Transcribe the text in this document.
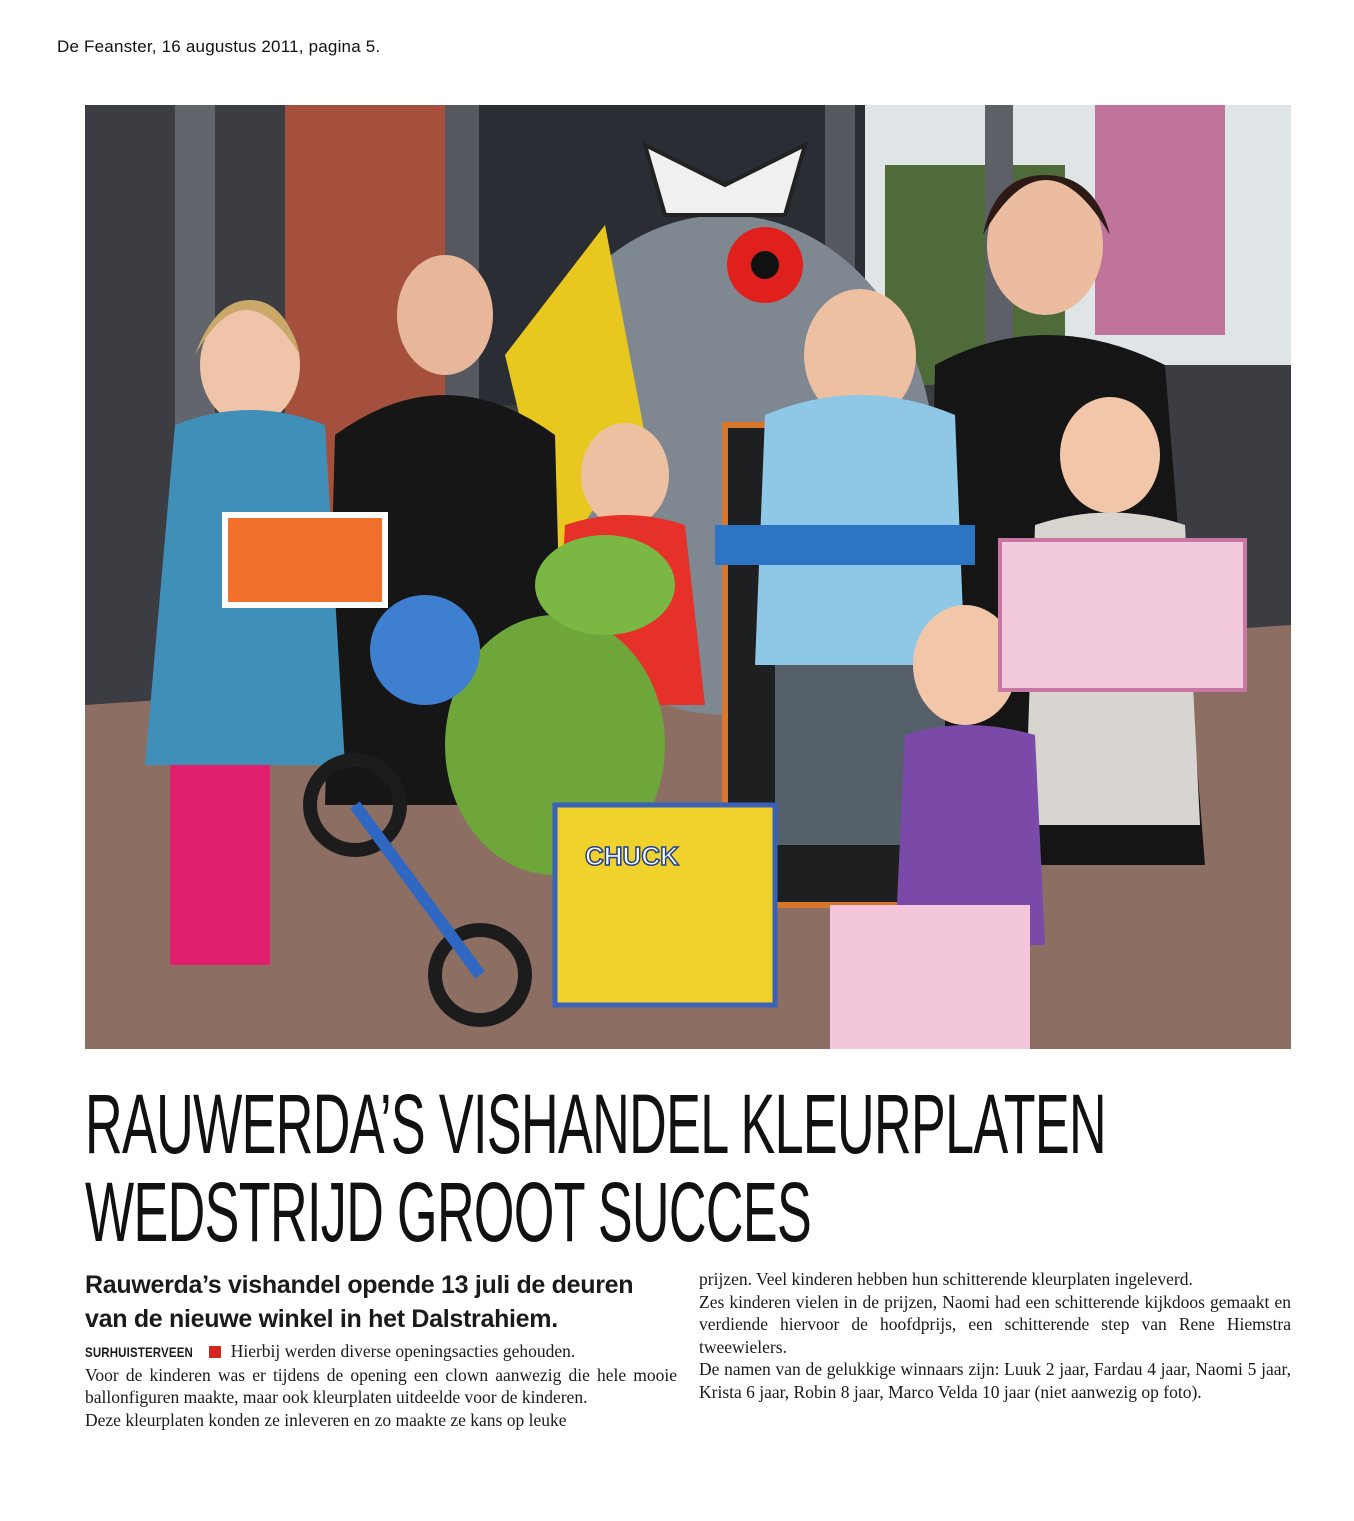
De Feanster, 16 augustus 2011, pagina 5.
CHUCK
RAUWERDA’S VISHANDEL KLEURPLATEN
WEDSTRIJD GROOT SUCCES

Rauwerda’s vishandel opende 13 juli de deuren van de nieuwe winkel in het Dalstrahiem.

SURHUISTERVEEN Hierbij werden diverse openingsacties gehouden.

Voor de kinderen was er tijdens de opening een clown aanwezig die hele mooie ballonfiguren maakte, maar ook kleurplaten uitdeelde voor de kinderen.

Deze kleurplaten konden ze inleveren en zo maakte ze kans op leuke

prijzen. Veel kinderen hebben hun schitterende kleurplaten ingeleverd.

Zes kinderen vielen in de prijzen, Naomi had een schitterende kijkdoos gemaakt en verdiende hiervoor de hoofdprijs, een schitterende step van Rene Hiemstra tweewielers.

De namen van de gelukkige winnaars zijn: Luuk 2 jaar, Fardau 4 jaar, Naomi 5 jaar, Krista 6 jaar, Robin 8 jaar, Marco Velda 10 jaar (niet aanwezig op foto).
